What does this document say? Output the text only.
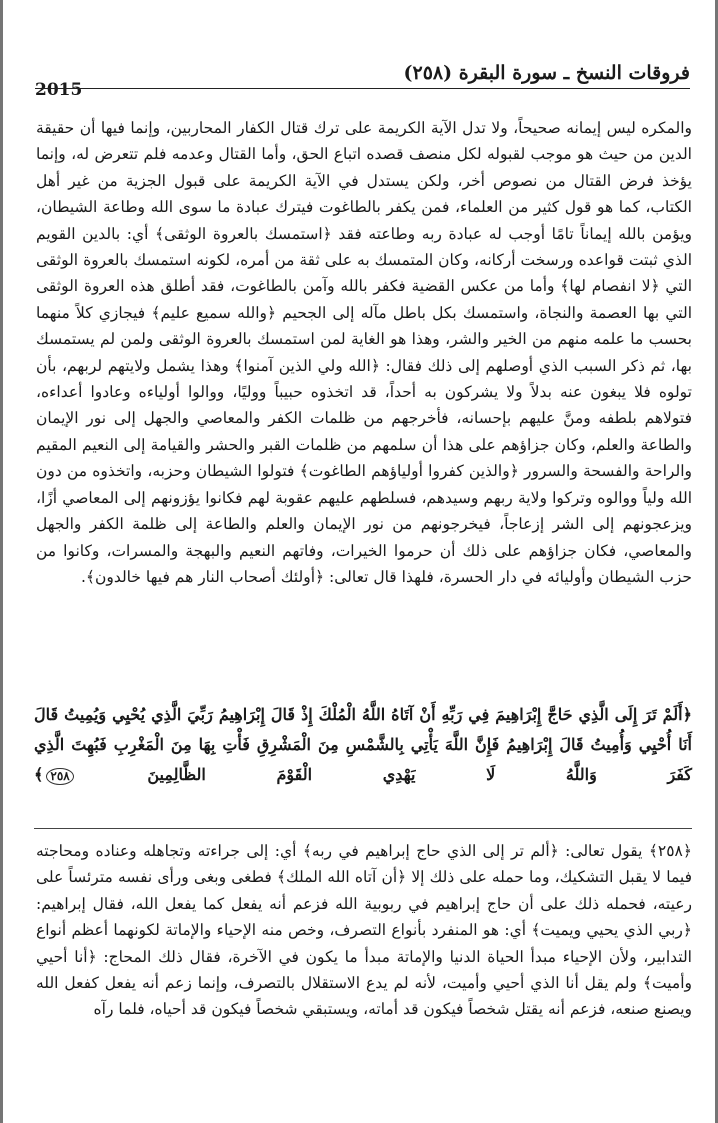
فروقات النسخ ـ سورة البقرة (٢٥٨)
2015

والمكره ليس إيمانه صحيحاً، ولا تدل الآية الكريمة على ترك قتال الكفار المحاربين، وإنما فيها أن حقيقة الدين من حيث هو موجب لقبوله لكل منصف قصده اتباع الحق، وأما القتال وعدمه فلم تتعرض له، وإنما يؤخذ فرض القتال من نصوص أخر، ولكن يستدل في الآية الكريمة على قبول الجزية من غير أهل الكتاب، كما هو قول كثير من العلماء، فمن يكفر بالطاغوت فيترك عبادة ما سوى الله وطاعة الشيطان، ويؤمن بالله إيماناً تامًا أوجب له عبادة ربه وطاعته فقد ﴿استمسك بالعروة الوثقى﴾ أي: بالدين القويم الذي ثبتت قواعده ورسخت أركانه، وكان المتمسك به على ثقة من أمره، لكونه استمسك بالعروة الوثقى التي ﴿لا انفصام لها﴾ وأما من عكس القضية فكفر بالله وآمن بالطاغوت، فقد أطلق هذه العروة الوثقى التي بها العصمة والنجاة، واستمسك بكل باطل مآله إلى الجحيم ﴿والله سميع عليم﴾ فيجازي كلاً منهما بحسب ما علمه منهم من الخير والشر، وهذا هو الغاية لمن استمسك بالعروة الوثقى ولمن لم يستمسك بها، ثم ذكر السبب الذي أوصلهم إلى ذلك فقال: ﴿الله ولي الذين آمنوا﴾ وهذا يشمل ولايتهم لربهم، بأن تولوه فلا يبغون عنه بدلاً ولا يشركون به أحداً، قد اتخذوه حبيباً ووليًا، ووالوا أولياءه وعادوا أعداءه، فتولاهم بلطفه ومنَّ عليهم بإحسانه، فأخرجهم من ظلمات الكفر والمعاصي والجهل إلى نور الإيمان والطاعة والعلم، وكان جزاؤهم على هذا أن سلمهم من ظلمات القبر والحشر والقيامة إلى النعيم المقيم والراحة والفسحة والسرور ﴿والذين كفروا أولياؤهم الطاغوت﴾ فتولوا الشيطان وحزبه، واتخذوه من دون الله ولياً ووالوه وتركوا ولاية ربهم وسيدهم، فسلطهم عليهم عقوبة لهم فكانوا يؤزونهم إلى المعاصي أزًا، ويزعجونهم إلى الشر إزعاجاً، فيخرجونهم من نور الإيمان والعلم والطاعة إلى ظلمة الكفر والجهل والمعاصي، فكان جزاؤهم على ذلك أن حرموا الخيرات، وفاتهم النعيم والبهجة والمسرات، وكانوا من حزب الشيطان وأوليائه في دار الحسرة، فلهذا قال تعالى: ﴿أولئك أصحاب النار هم فيها خالدون﴾.

﴿أَلَمْ تَرَ إِلَى الَّذِي حَاجَّ إِبْرَاهِيمَ فِي رَبِّهِ أَنْ آتَاهُ اللَّهُ الْمُلْكَ إِذْ قَالَ إِبْرَاهِيمُ رَبِّيَ الَّذِي يُحْيِي وَيُمِيتُ قَالَ أَنَا أُحْيِي وَأُمِيتُ قَالَ إِبْرَاهِيمُ فَإِنَّ اللَّهَ يَأْتِي بِالشَّمْسِ مِنَ الْمَشْرِقِ فَأْتِ بِهَا مِنَ الْمَغْرِبِ فَبُهِتَ الَّذِي كَفَرَ وَاللَّهُ لَا يَهْدِي الْقَوْمَ الظَّالِمِينَ ٢٥٨﴾

﴿٢٥٨﴾ يقول تعالى: ﴿ألم تر إلى الذي حاج إبراهيم في ربه﴾ أي: إلى جراءته وتجاهله وعناده ومحاجته فيما لا يقبل التشكيك، وما حمله على ذلك إلا ﴿أن آتاه الله الملك﴾ فطغى وبغى ورأى نفسه مترئساً على رعيته، فحمله ذلك على أن حاج إبراهيم في ربوبية الله فزعم أنه يفعل كما يفعل الله، فقال إبراهيم: ﴿ربي الذي يحيي ويميت﴾ أي: هو المنفرد بأنواع التصرف، وخص منه الإحياء والإماتة لكونهما أعظم أنواع التدابير، ولأن الإحياء مبدأ الحياة الدنيا والإماتة مبدأ ما يكون في الآخرة، فقال ذلك المحاج: ﴿أنا أحيي وأميت﴾ ولم يقل أنا الذي أحيي وأميت، لأنه لم يدع الاستقلال بالتصرف، وإنما زعم أنه يفعل كفعل الله ويصنع صنعه، فزعم أنه يقتل شخصاً فيكون قد أماته، ويستبقي شخصاً فيكون قد أحياه، فلما رآه
